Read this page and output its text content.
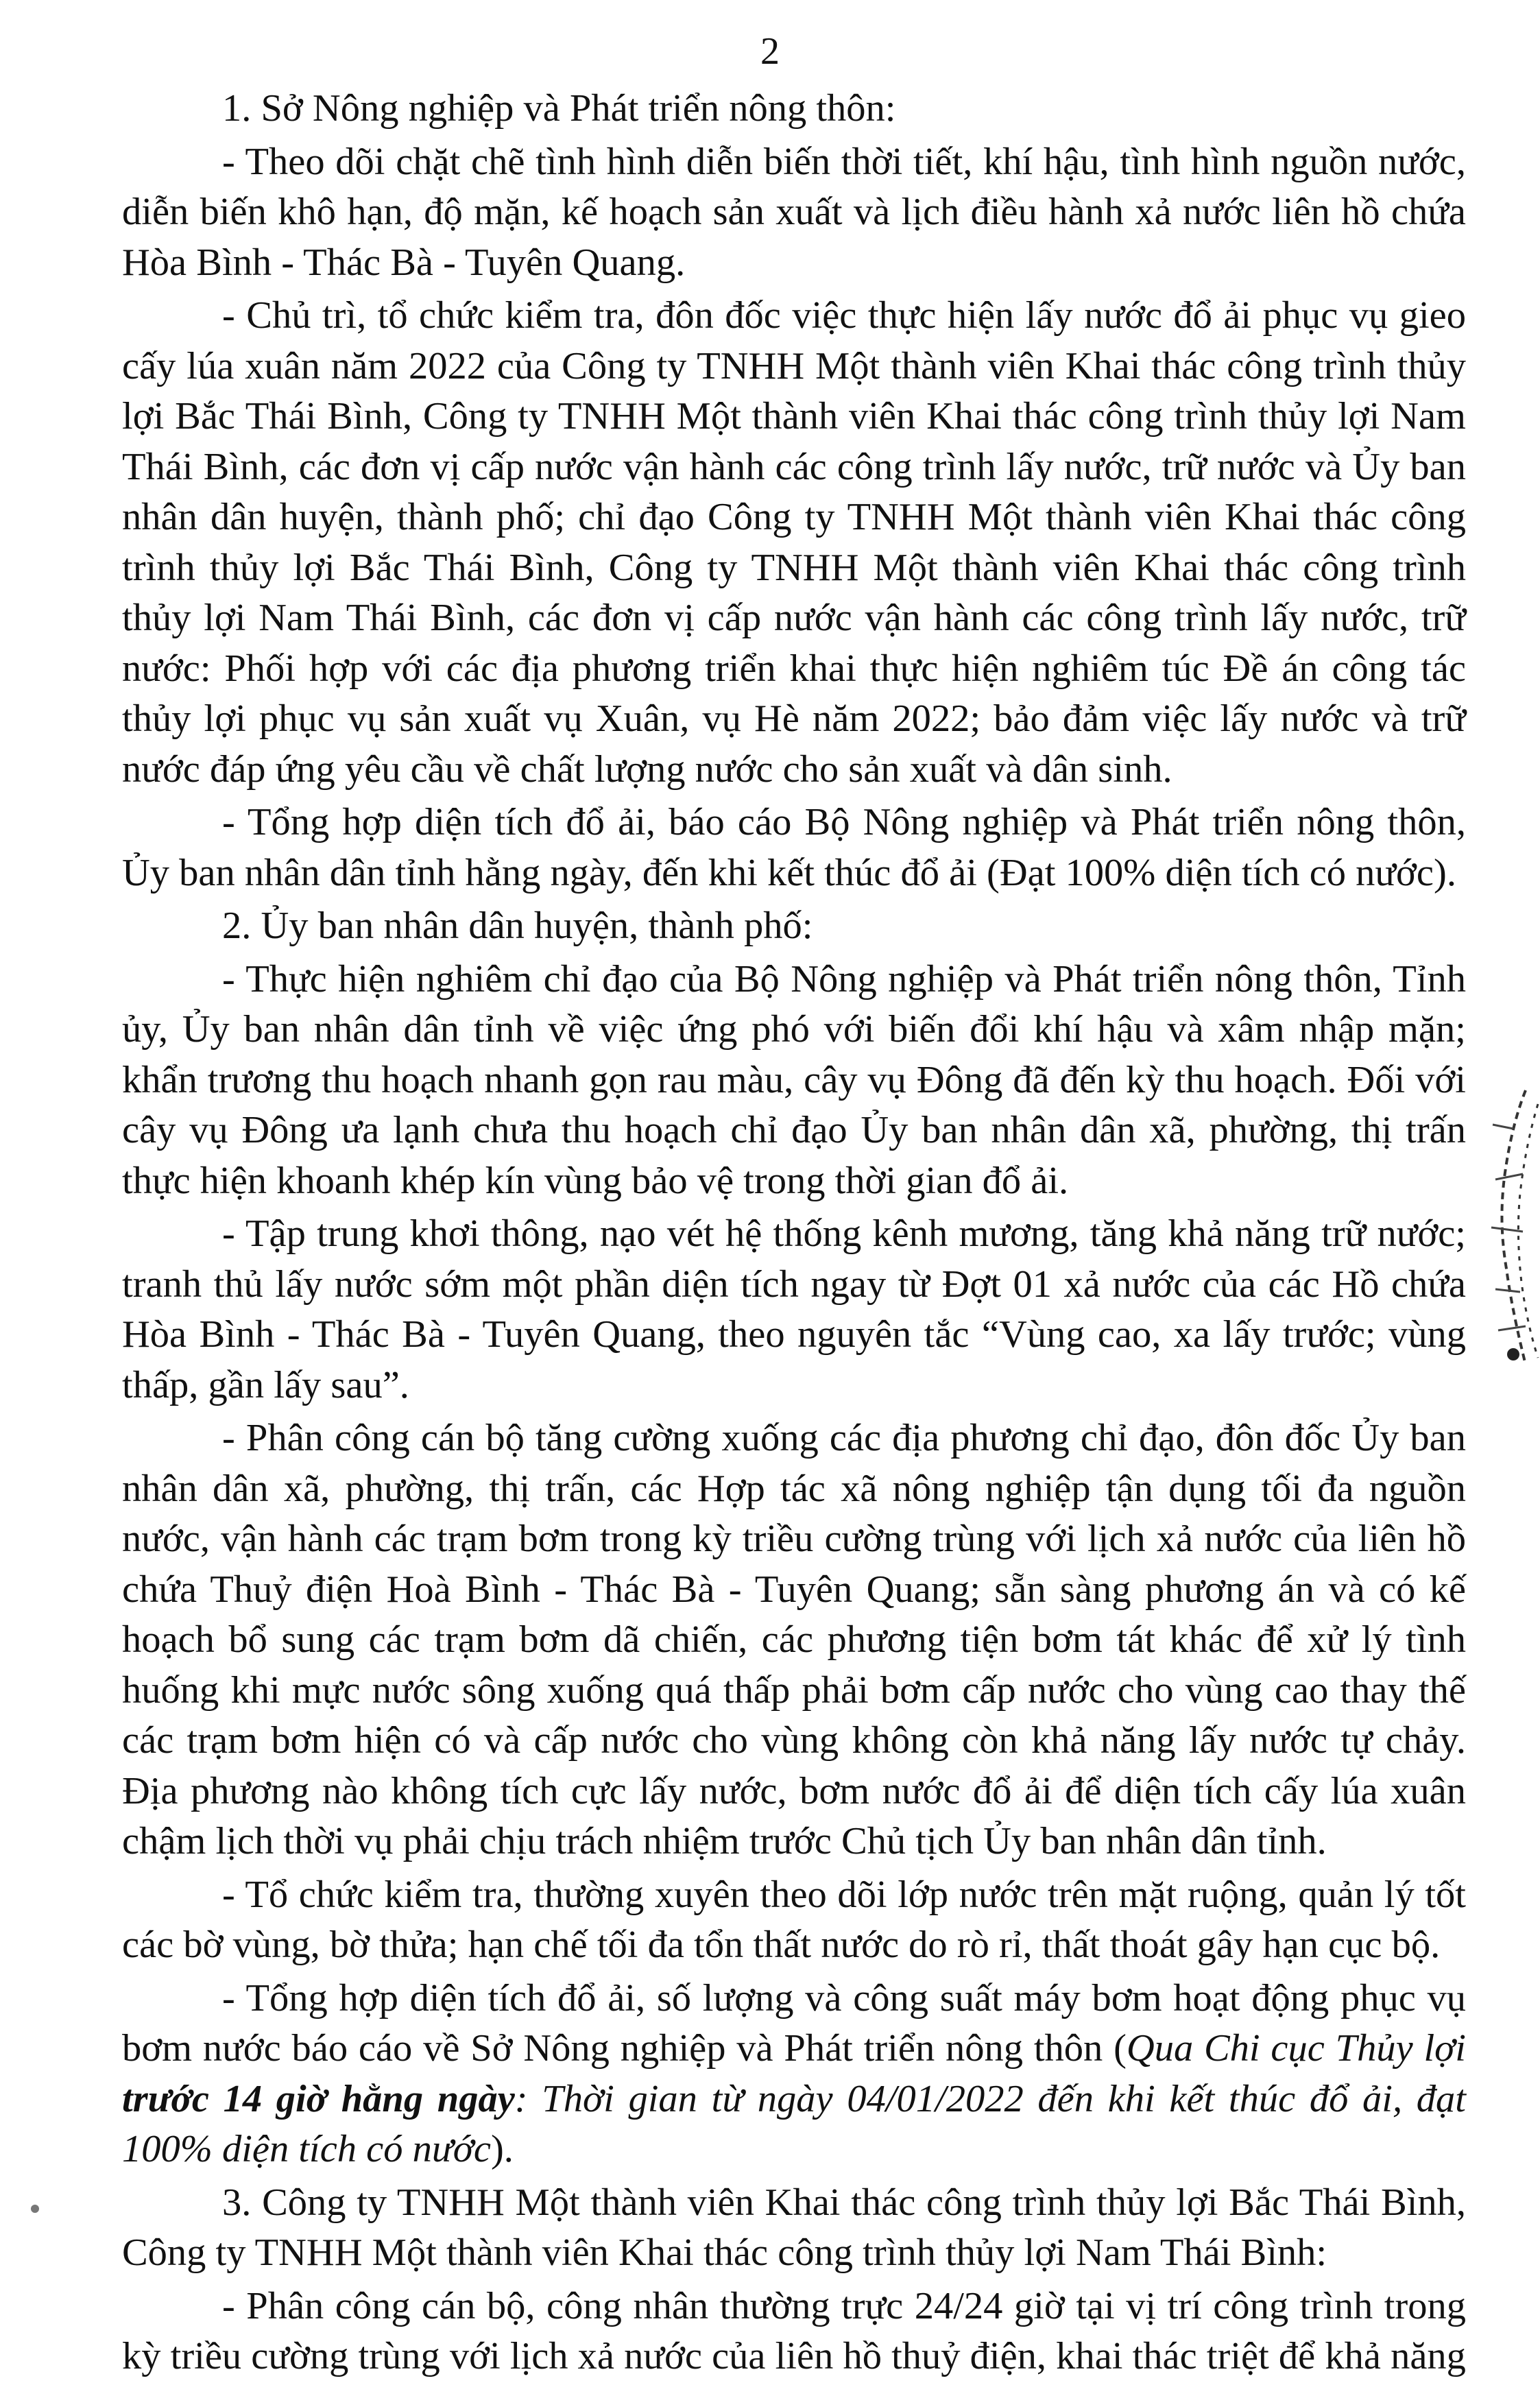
2

1. Sở Nông nghiệp và Phát triển nông thôn:

- Theo dõi chặt chẽ tình hình diễn biến thời tiết, khí hậu, tình hình nguồn nước, diễn biến khô hạn, độ mặn, kế hoạch sản xuất và lịch điều hành xả nước liên hồ chứa Hòa Bình - Thác Bà - Tuyên Quang.

- Chủ trì, tổ chức kiểm tra, đôn đốc việc thực hiện lấy nước đổ ải phục vụ gieo cấy lúa xuân năm 2022 của Công ty TNHH Một thành viên Khai thác công trình thủy lợi Bắc Thái Bình, Công ty TNHH Một thành viên Khai thác công trình thủy lợi Nam Thái Bình, các đơn vị cấp nước vận hành các công trình lấy nước, trữ nước và Ủy ban nhân dân huyện, thành phố; chỉ đạo Công ty TNHH Một thành viên Khai thác công trình thủy lợi Bắc Thái Bình, Công ty TNHH Một thành viên Khai thác công trình thủy lợi Nam Thái Bình, các đơn vị cấp nước vận hành các công trình lấy nước, trữ nước: Phối hợp với các địa phương triển khai thực hiện nghiêm túc Đề án công tác thủy lợi phục vụ sản xuất vụ Xuân, vụ Hè năm 2022; bảo đảm việc lấy nước và trữ nước đáp ứng yêu cầu về chất lượng nước cho sản xuất và dân sinh.

- Tổng hợp diện tích đổ ải, báo cáo Bộ Nông nghiệp và Phát triển nông thôn, Ủy ban nhân dân tỉnh hằng ngày, đến khi kết thúc đổ ải (Đạt 100% diện tích có nước).

2. Ủy ban nhân dân huyện, thành phố:

- Thực hiện nghiêm chỉ đạo của Bộ Nông nghiệp và Phát triển nông thôn, Tỉnh ủy, Ủy ban nhân dân tỉnh về việc ứng phó với biến đổi khí hậu và xâm nhập mặn; khẩn trương thu hoạch nhanh gọn rau màu, cây vụ Đông đã đến kỳ thu hoạch. Đối với cây vụ Đông ưa lạnh chưa thu hoạch chỉ đạo Ủy ban nhân dân xã, phường, thị trấn thực hiện khoanh khép kín vùng bảo vệ trong thời gian đổ ải.

- Tập trung khơi thông, nạo vét hệ thống kênh mương, tăng khả năng trữ nước; tranh thủ lấy nước sớm một phần diện tích ngay từ Đợt 01 xả nước của các Hồ chứa Hòa Bình - Thác Bà - Tuyên Quang, theo nguyên tắc “Vùng cao, xa lấy trước; vùng thấp, gần lấy sau”.

- Phân công cán bộ tăng cường xuống các địa phương chỉ đạo, đôn đốc Ủy ban nhân dân xã, phường, thị trấn, các Hợp tác xã nông nghiệp tận dụng tối đa nguồn nước, vận hành các trạm bơm trong kỳ triều cường trùng với lịch xả nước của liên hồ chứa Thuỷ điện Hoà Bình - Thác Bà - Tuyên Quang; sẵn sàng phương án và có kế hoạch bổ sung các trạm bơm dã chiến, các phương tiện bơm tát khác để xử lý tình huống khi mực nước sông xuống quá thấp phải bơm cấp nước cho vùng cao thay thế các trạm bơm hiện có và cấp nước cho vùng không còn khả năng lấy nước tự chảy. Địa phương nào không tích cực lấy nước, bơm nước đổ ải để diện tích cấy lúa xuân chậm lịch thời vụ phải chịu trách nhiệm trước Chủ tịch Ủy ban nhân dân tỉnh.

- Tổ chức kiểm tra, thường xuyên theo dõi lớp nước trên mặt ruộng, quản lý tốt các bờ vùng, bờ thửa; hạn chế tối đa tổn thất nước do rò rỉ, thất thoát gây hạn cục bộ.

- Tổng hợp diện tích đổ ải, số lượng và công suất máy bơm hoạt động phục vụ bơm nước báo cáo về Sở Nông nghiệp và Phát triển nông thôn (Qua Chi cục Thủy lợi trước 14 giờ hằng ngày: Thời gian từ ngày 04/01/2022 đến khi kết thúc đổ ải, đạt 100% diện tích có nước).

3. Công ty TNHH Một thành viên Khai thác công trình thủy lợi Bắc Thái Bình, Công ty TNHH Một thành viên Khai thác công trình thủy lợi Nam Thái Bình:

- Phân công cán bộ, công nhân thường trực 24/24 giờ tại vị trí công trình trong kỳ triều cường trùng với lịch xả nước của liên hồ thuỷ điện, khai thác triệt để khả năng
